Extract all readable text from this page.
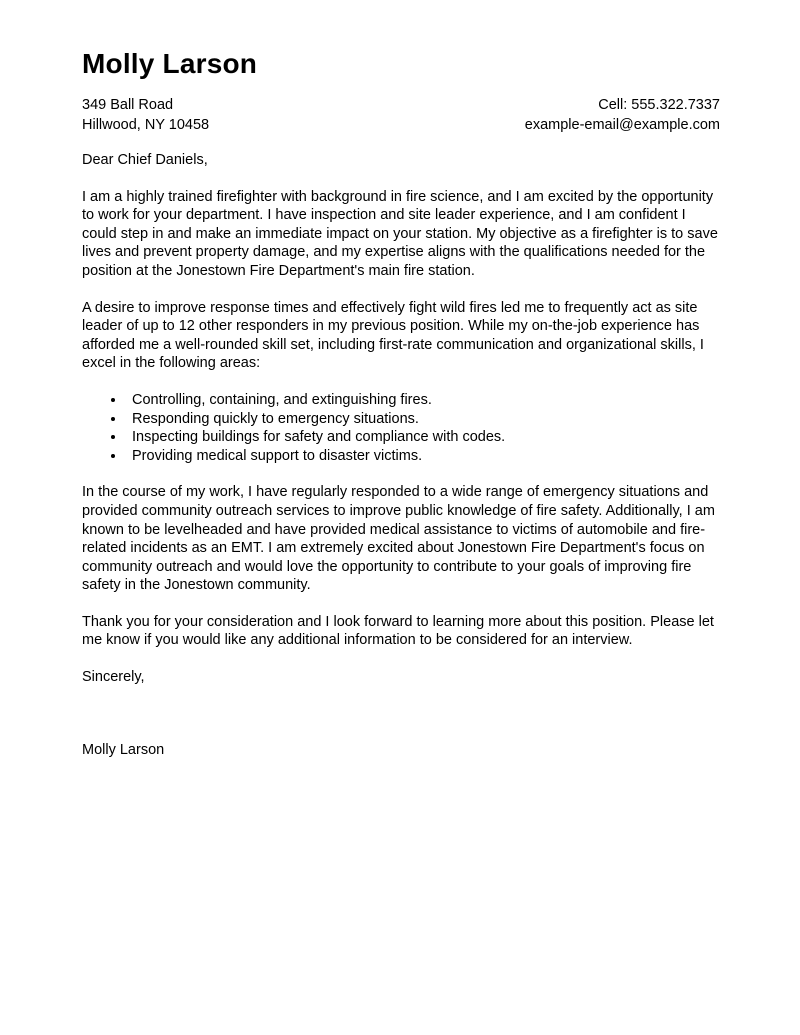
Molly Larson
349 Ball Road	Cell: 555.322.7337
Hillwood, NY 10458	example-email@example.com
Dear Chief Daniels,
I am a highly trained firefighter with background in fire science, and I am excited by the opportunity to work for your department. I have inspection and site leader experience, and I am confident I could step in and make an immediate impact on your station. My objective as a firefighter is to save lives and prevent property damage, and my expertise aligns with the qualifications needed for the position at the Jonestown Fire Department's main fire station.
A desire to improve response times and effectively fight wild fires led me to frequently act as site leader of up to 12 other responders in my previous position. While my on-the-job experience has afforded me a well-rounded skill set, including first-rate communication and organizational skills, I excel in the following areas:
• Controlling, containing, and extinguishing fires.
• Responding quickly to emergency situations.
• Inspecting buildings for safety and compliance with codes.
• Providing medical support to disaster victims.
In the course of my work, I have regularly responded to a wide range of emergency situations and provided community outreach services to improve public knowledge of fire safety. Additionally, I am known to be levelheaded and have provided medical assistance to victims of automobile and fire-related incidents as an EMT. I am extremely excited about Jonestown Fire Department's focus on community outreach and would love the opportunity to contribute to your goals of improving fire safety in the Jonestown community.
Thank you for your consideration and I look forward to learning more about this position. Please let me know if you would like any additional information to be considered for an interview.
Sincerely,
Molly Larson
